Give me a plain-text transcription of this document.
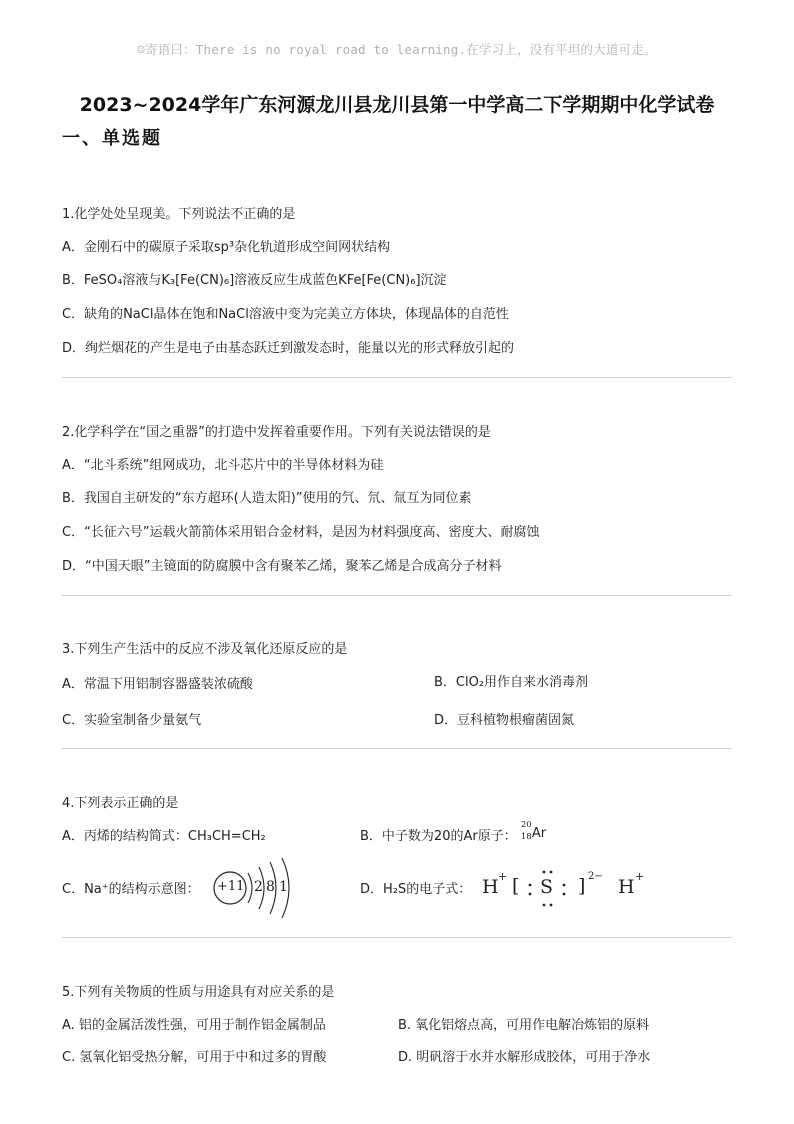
☺寄语曰：There is no royal road to learning.在学习上，没有平坦的大道可走。
2023~2024学年广东河源龙川县龙川县第一中学高二下学期期中化学试卷
一、单选题
1.化学处处呈现美。下列说法不正确的是
A．金刚石中的碳原子采取sp³杂化轨道形成空间网状结构
B．FeSO₄溶液与K₃[Fe(CN)₆]溶液反应生成蓝色KFe[Fe(CN)₆]沉淀
C．缺角的NaCl晶体在饱和NaCl溶液中变为完美立方体块，体现晶体的自范性
D．绚烂烟花的产生是电子由基态跃迁到激发态时，能量以光的形式释放引起的
2.化学科学在“国之重器”的打造中发挥着重要作用。下列有关说法错误的是
A．“北斗系统”组网成功，北斗芯片中的半导体材料为硅
B．我国自主研发的“东方超环(人造太阳)”使用的氕、氘、氚互为同位素
C．“长征六号”运载火箭箭体采用铝合金材料，是因为材料强度高、密度大、耐腐蚀
D．“中国天眼”主镜面的防腐膜中含有聚苯乙烯，聚苯乙烯是合成高分子材料
3.下列生产生活中的反应不涉及氧化还原反应的是
A．常温下用铝制容器盛装浓硫酸	B．ClO₂用作自来水消毒剂
C．实验室制备少量氨气	D．豆科植物根瘤菌固氮
4.下列表示正确的是
A．丙烯的结构简式：CH₃CH=CH₂	B．中子数为20的Ar原子：
20
18 Ar
C．Na⁺的结构示意图： +11 2 8 1	D．H₂S的电子式： H + [ S ] 2− H +
5.下列有关物质的性质与用途具有对应关系的是
A. 铝的金属活泼性强，可用于制作铝金属制品	B. 氧化铝熔点高，可用作电解冶炼铝的原料
C. 氢氧化铝受热分解，可用于中和过多的胃酸	D. 明矾溶于水并水解形成胶体，可用于净水
